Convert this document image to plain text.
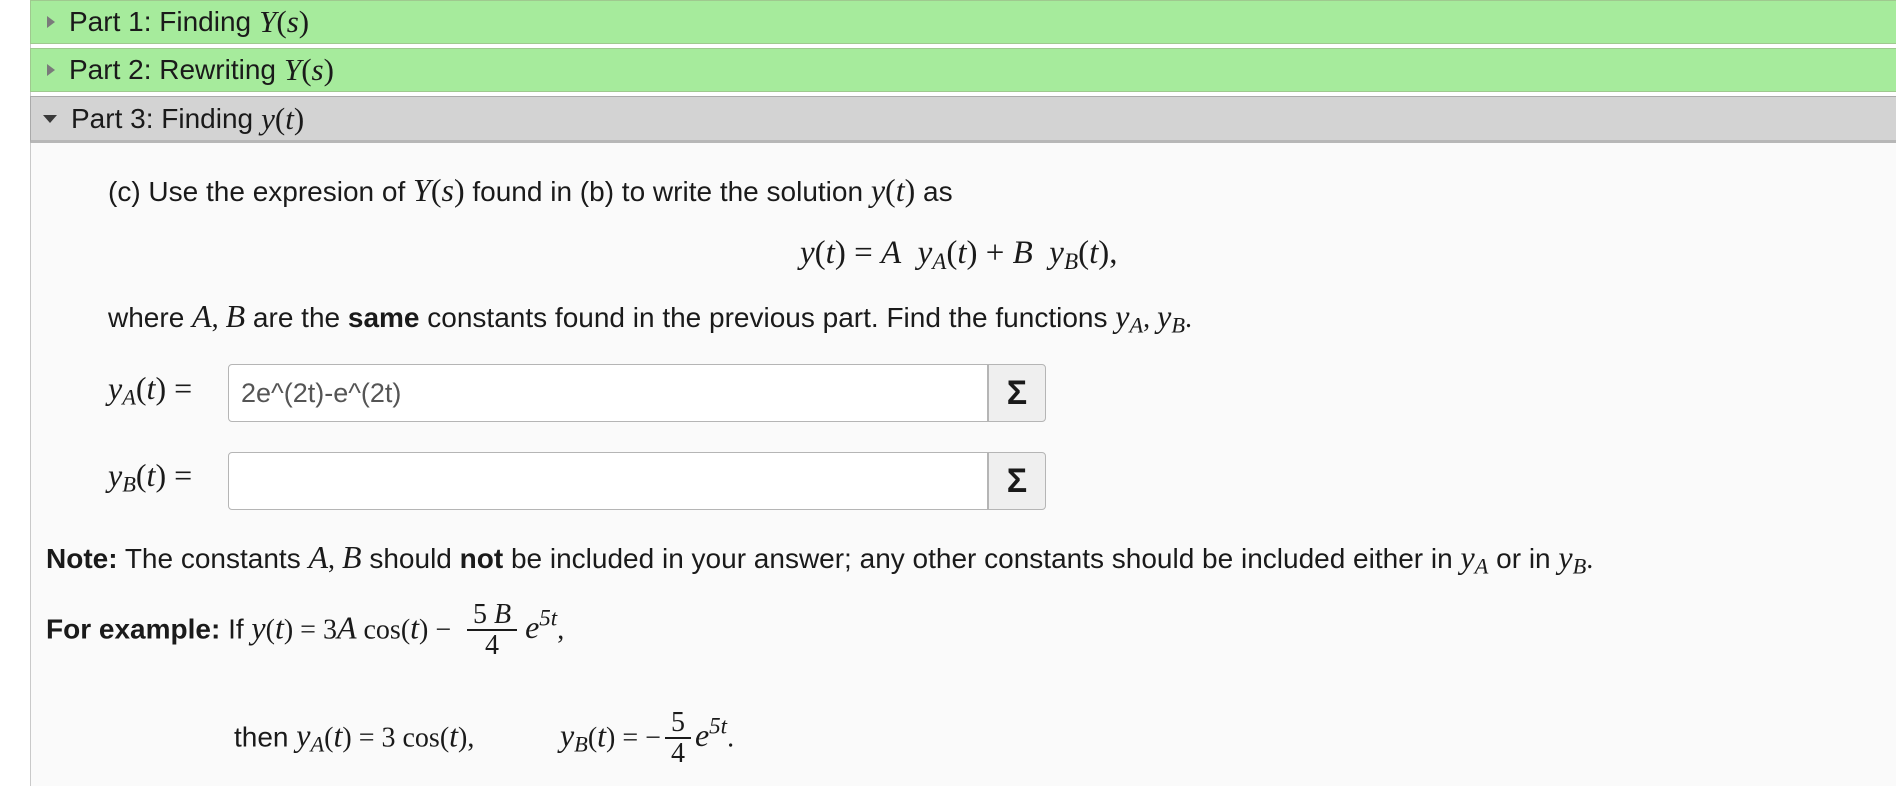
Part 1: Finding Y(s)
Part 2: Rewriting Y(s)
Part 3: Finding y(t)
(c) Use the expresion of Y(s) found in (b) to write the solution y(t) as
y(t) = A  $y_A(t) + B$  $y_B(t)$,
where A, B are the same constants found in the previous part. Find the functions $y_A$, $y_B$.
$y_A(t)$ =
2e^(2t)-e^(2t)	Σ
$y_B(t)$ =	Σ
Note: The constants A, B should not be included in your answer; any other constants should be included either in $y_A$ or in $y_B$.
For example: If y(t) = 3A $\cos(t) - \frac{5 B}{4} e^{5t}$,
then $y_A(t) = 3$ cos(t),	$y_B(t)$ = − $\frac{5}{4} e^{5t}$.
